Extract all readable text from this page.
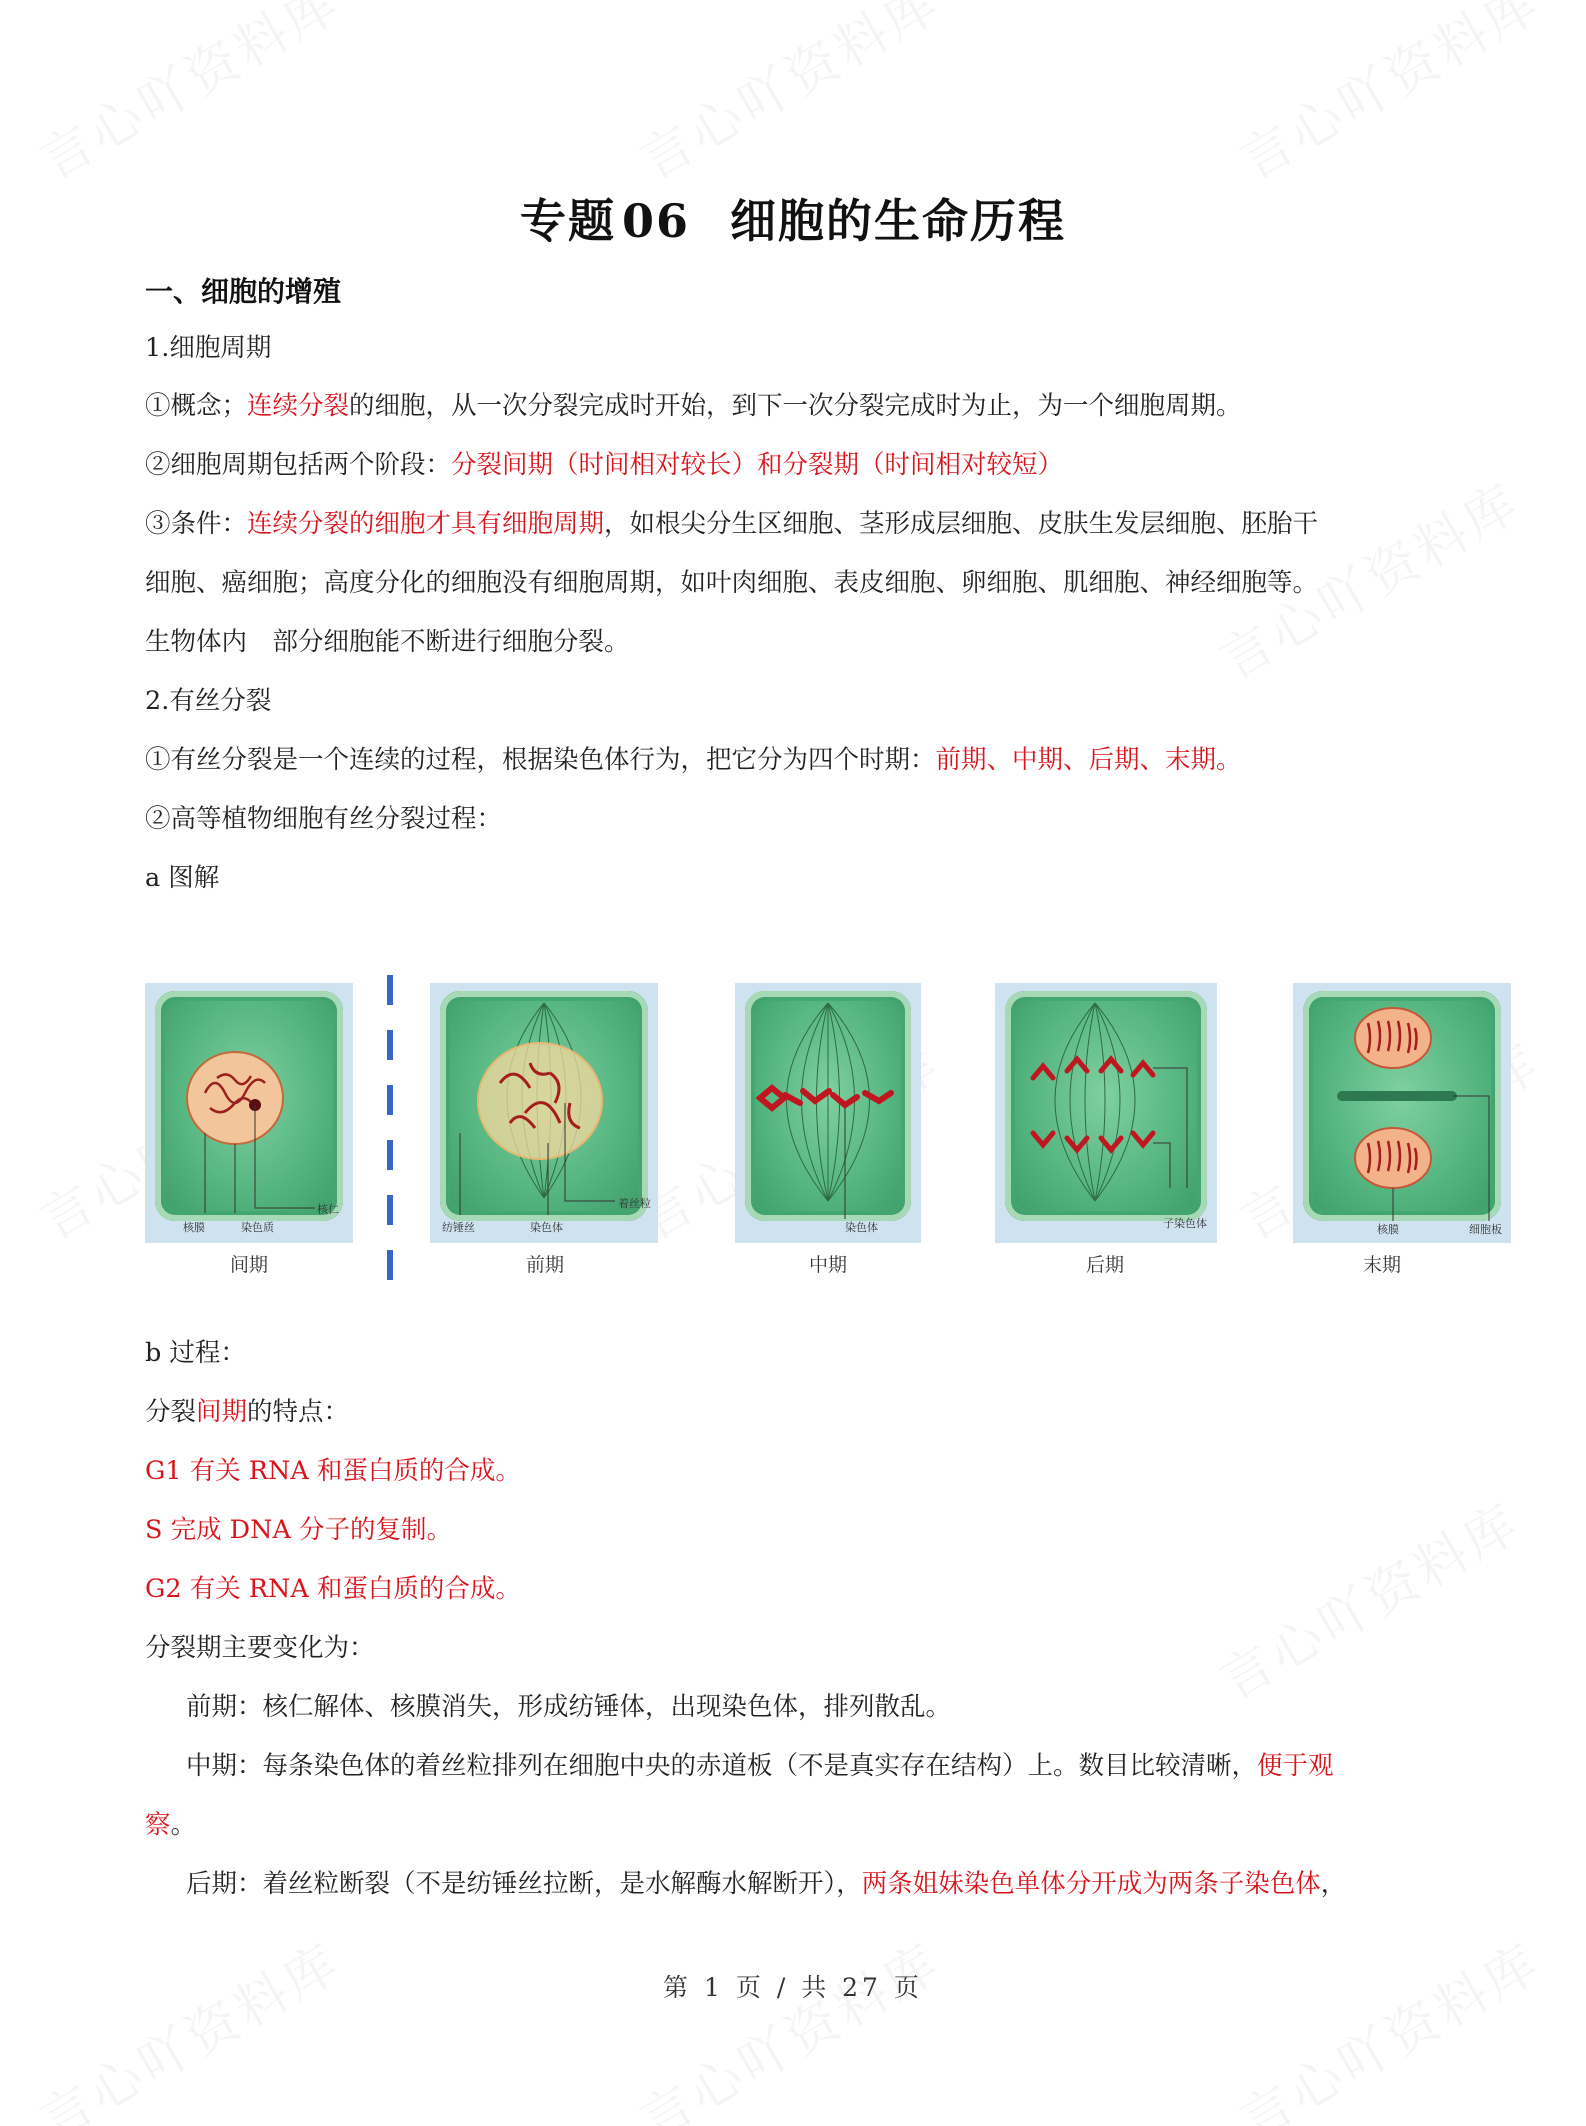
专题 06 细胞的生命历程
一、细胞的增殖
1.细胞周期
①概念；连续分裂的细胞，从一次分裂完成时开始，到下一次分裂完成时为止，为一个细胞周期。
②细胞周期包括两个阶段：分裂间期（时间相对较长）和分裂期（时间相对较短）
③条件：连续分裂的细胞才具有细胞周期，如根尖分生区细胞、茎形成层细胞、皮肤生发层细胞、胚胎干
细胞、癌细胞；高度分化的细胞没有细胞周期，如叶肉细胞、表皮细胞、卵细胞、肌细胞、神经细胞等。
生物体内　部分细胞能不断进行细胞分裂。
2.有丝分裂
①有丝分裂是一个连续的过程，根据染色体行为，把它分为四个时期：前期、中期、后期、末期。
②高等植物细胞有丝分裂过程：
a 图解
核膜	染色质
核仁
间期
纺锤丝	染色体
着丝粒
前期
染色体
中期
子染色体
后期
核膜	细胞板
末期
b 过程：
分裂间期的特点：
G1 有关 RNA 和蛋白质的合成。
S 完成 DNA 分子的复制。
G2 有关 RNA 和蛋白质的合成。
分裂期主要变化为：
前期：核仁解体、核膜消失，形成纺锤体，出现染色体，排列散乱。
中期：每条染色体的着丝粒排列在细胞中央的赤道板（不是真实存在结构）上。数目比较清晰，便于观
察。
后期：着丝粒断裂（不是纺锤丝拉断，是水解酶水解断开），两条姐妹染色单体分开成为两条子染色体，
第 1 页 / 共 27 页
